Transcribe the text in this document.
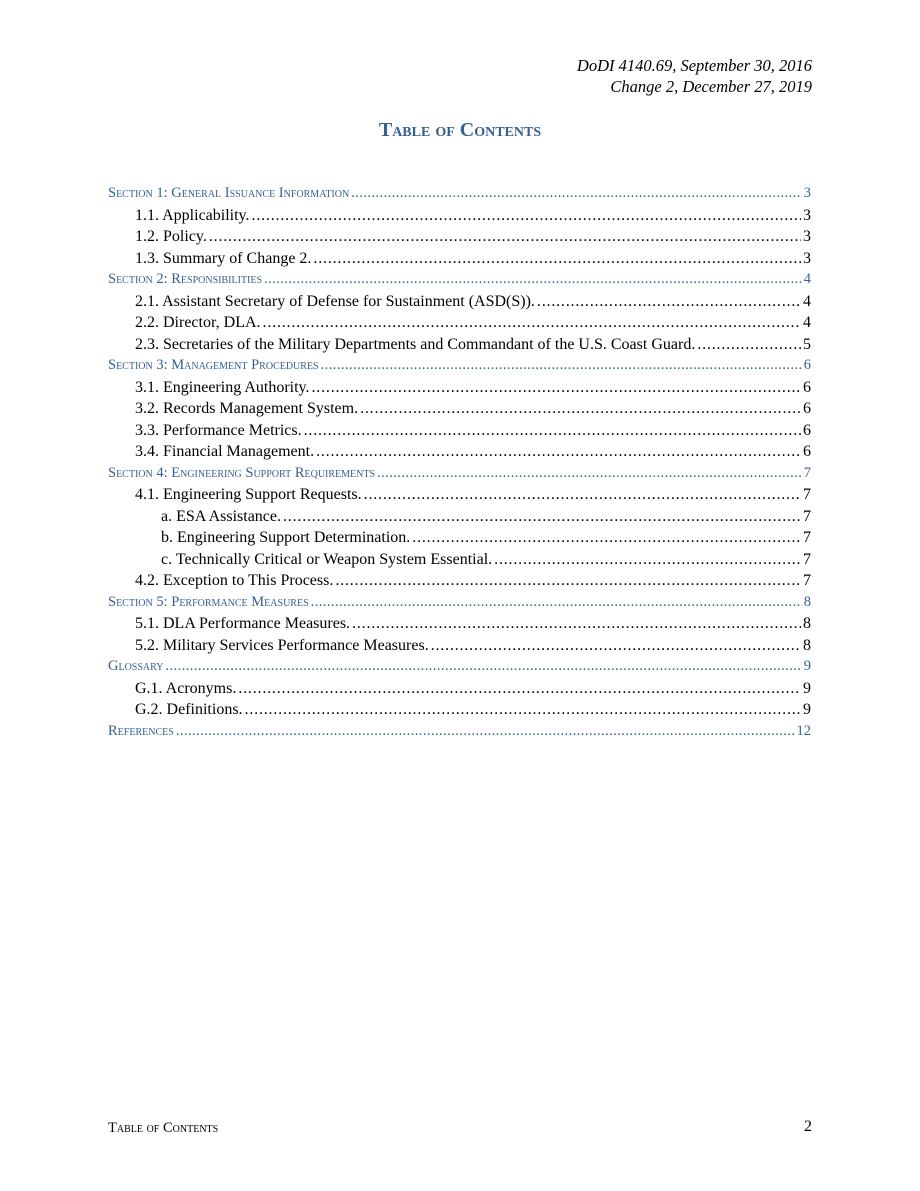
DoDI 4140.69, September 30, 2016
Change 2, December 27, 2019
Table of Contents
Section 1: General Issuance Information . . .	3
1.1. Applicability. . . .	3
1.2. Policy. . . .	3
1.3. Summary of Change 2. . . .	3
Section 2: Responsibilities . . .	4
2.1. Assistant Secretary of Defense for Sustainment (ASD(S)). . . .	4
2.2. Director, DLA. . . .	4
2.3. Secretaries of the Military Departments and Commandant of the U.S. Coast Guard. . . .	5
Section 3: Management Procedures . . .	6
3.1. Engineering Authority. . . .	6
3.2. Records Management System. . . .	6
3.3. Performance Metrics. . . .	6
3.4. Financial Management. . . .	6
Section 4: Engineering Support Requirements . . .	7
4.1. Engineering Support Requests. . . .	7
a. ESA Assistance. . . .	7
b. Engineering Support Determination. . . .	7
c. Technically Critical or Weapon System Essential. . . .	7
4.2. Exception to This Process. . . .	7
Section 5: Performance Measures . . .	8
5.1. DLA Performance Measures. . . .	8
5.2. Military Services Performance Measures. . . .	8
Glossary . . .	9
G.1. Acronyms. . . .	9
G.2. Definitions. . . .	9
References . . .	12
Table of Contents	2
